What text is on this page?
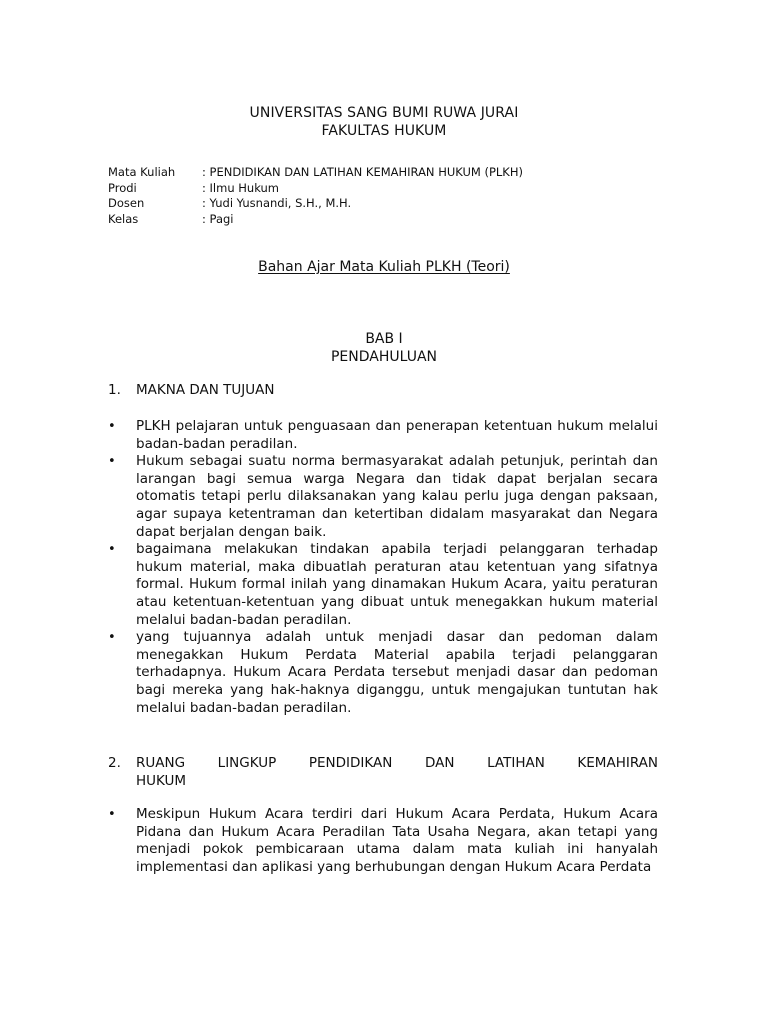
UNIVERSITAS SANG BUMI RUWA JURAI
FAKULTAS HUKUM
Mata Kuliah	: PENDIDIKAN DAN LATIHAN KEMAHIRAN HUKUM (PLKH)
Prodi	: Ilmu Hukum
Dosen	: Yudi Yusnandi, S.H., M.H.
Kelas	: Pagi
Bahan Ajar Mata Kuliah PLKH (Teori)
BAB I
PENDAHULUAN
1.	MAKNA DAN TUJUAN
•	PLKH pelajaran untuk penguasaan dan penerapan ketentuan hukum melalui badan-badan peradilan.
•	Hukum sebagai suatu norma bermasyarakat adalah petunjuk, perintah dan larangan bagi semua warga Negara dan tidak dapat berjalan secara otomatis tetapi perlu dilaksanakan yang kalau perlu juga dengan paksaan, agar supaya ketentraman dan ketertiban didalam masyarakat dan Negara dapat berjalan dengan baik.
•	bagaimana melakukan tindakan apabila terjadi pelanggaran terhadap hukum material, maka dibuatlah peraturan atau ketentuan yang sifatnya formal. Hukum formal inilah yang dinamakan Hukum Acara, yaitu peraturan atau ketentuan-ketentuan yang dibuat untuk menegakkan hukum material melalui badan-badan peradilan.
•	yang tujuannya adalah untuk menjadi dasar dan pedoman dalam menegakkan Hukum Perdata Material apabila terjadi pelanggaran terhadapnya. Hukum Acara Perdata tersebut menjadi dasar dan pedoman bagi mereka yang hak-haknya diganggu, untuk mengajukan tuntutan hak melalui badan-badan peradilan.
2.	RUANG LINGKUP PENDIDIKAN DAN LATIHAN KEMAHIRAN
HUKUM
•	Meskipun Hukum Acara terdiri dari Hukum Acara Perdata, Hukum Acara Pidana dan Hukum Acara Peradilan Tata Usaha Negara, akan tetapi yang menjadi pokok pembicaraan utama dalam mata kuliah ini hanyalah implementasi dan aplikasi yang berhubungan dengan Hukum Acara Perdata
